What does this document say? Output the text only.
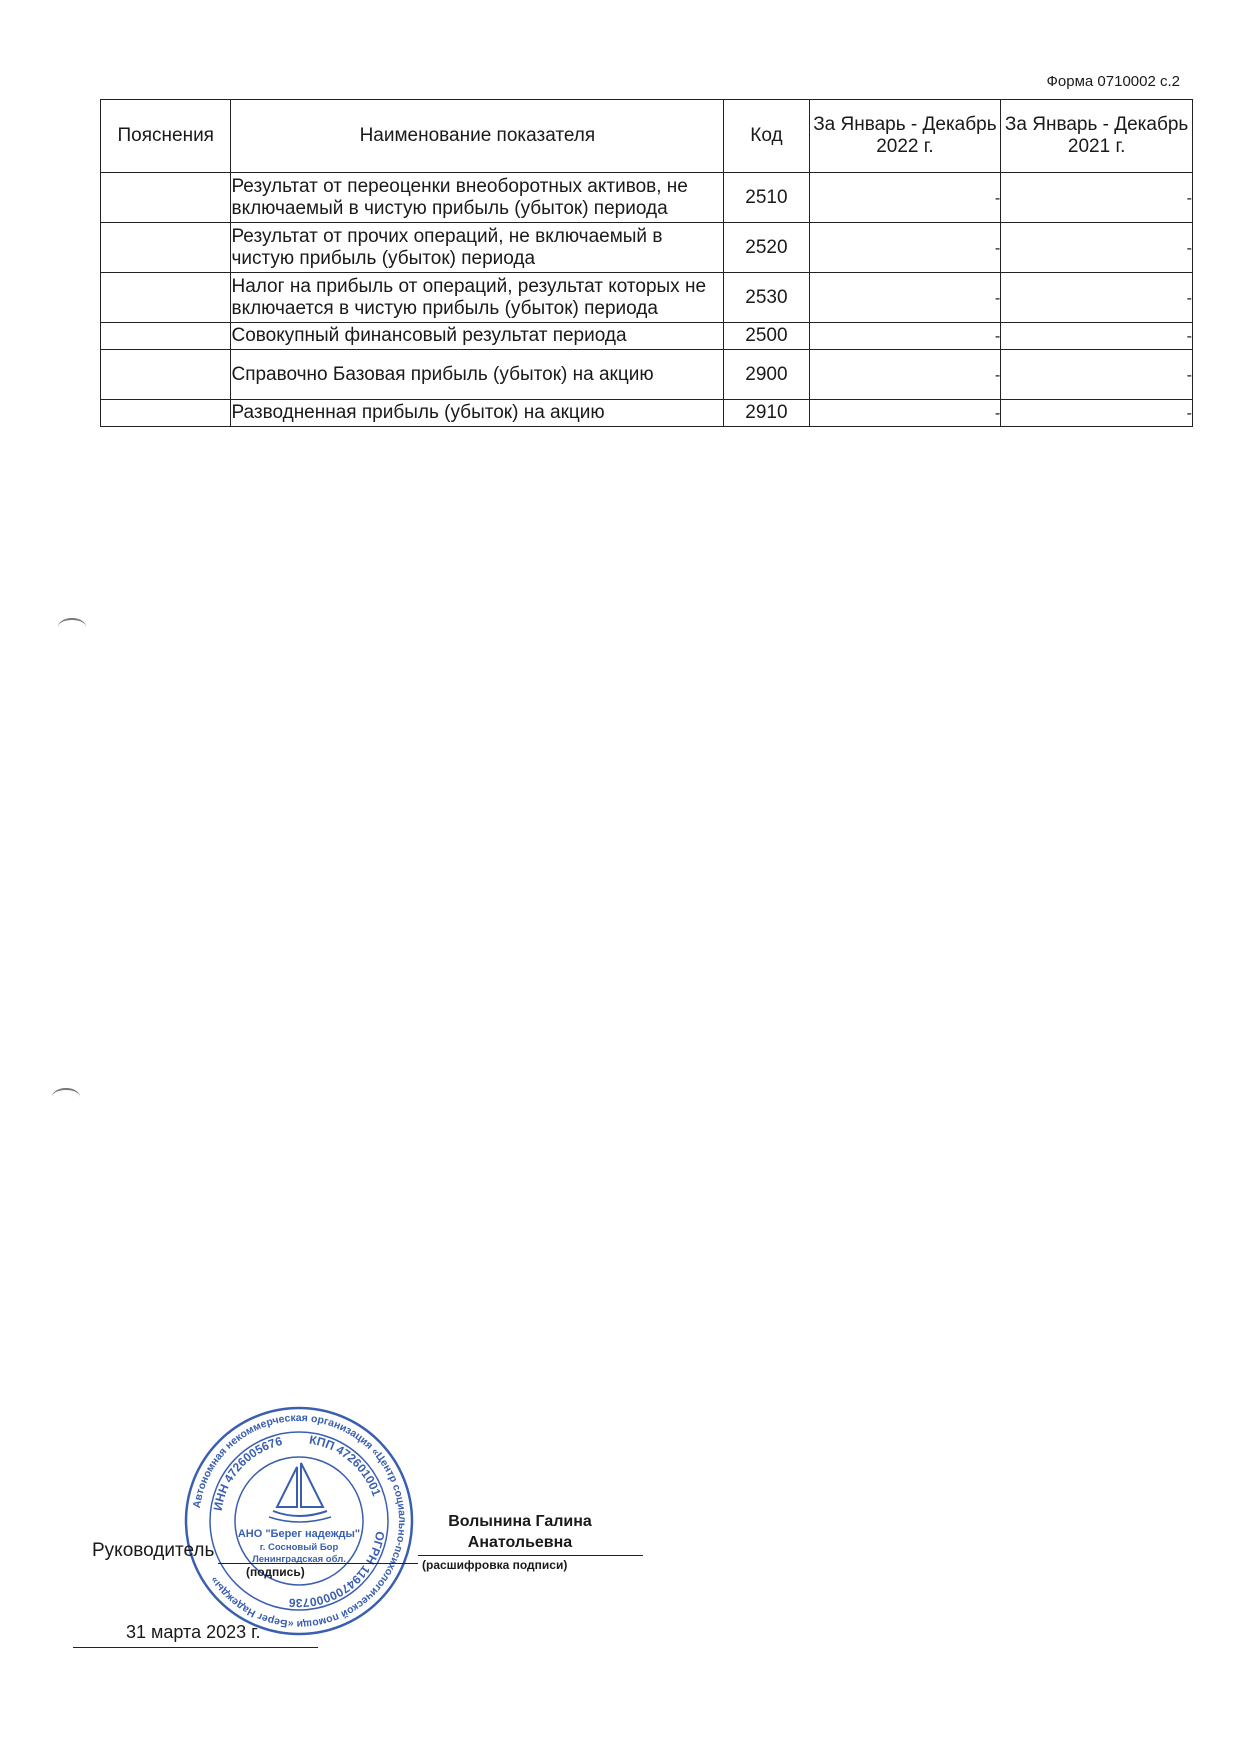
Форма 0710002 с.2
Пояснения	Наименование показателя	Код	За Январь - Декабрь 2022 г.	За Январь - Декабрь 2021 г.
	Результат от переоценки внеоборотных активов, не включаемый в чистую прибыль (убыток) периода	2510	-	-
	Результат от прочих операций, не включаемый в чистую прибыль (убыток) периода	2520	-	-
	Налог на прибыль от операций, результат которых не включается в чистую прибыль (убыток) периода	2530	-	-
	Совокупный финансовый результат периода	2500	-	-
	Справочно Базовая прибыль (убыток) на акцию	2900	-	-
	Разводненная прибыль (убыток) на акцию	2910	-	-
Автономная некоммерческая организация «Центр социально-психологической помощи «Берег Надежды»
ОГРН 1194700000736
ИНН 4726005676 КПП 472601001
АНО "Берег надежды"
г. Сосновый Бор
Ленинградская обл.
Руководитель
(подпись)
Волынина Галина Анатольевна
(расшифровка подписи)
31 марта 2023 г.
